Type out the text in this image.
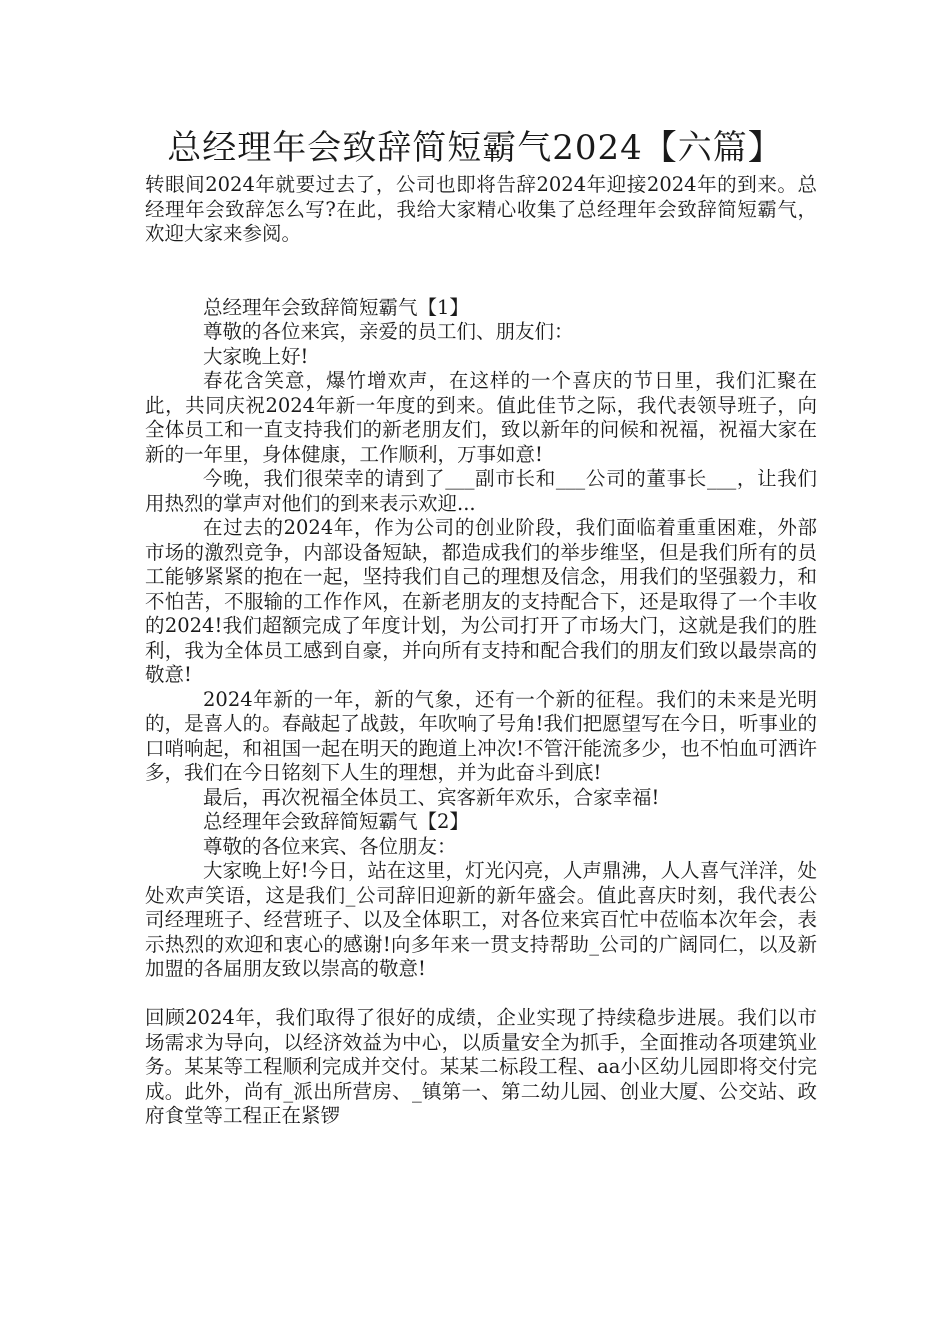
总经理年会致辞简短霸气2024【六篇】

转眼间2024年就要过去了，公司也即将告辞2024年迎接2024年的到来。总经理年会致辞怎么写?在此，我给大家精心收集了总经理年会致辞简短霸气，欢迎大家来参阅。

总经理年会致辞简短霸气【1】

尊敬的各位来宾，亲爱的员工们、朋友们：

大家晚上好!

春花含笑意，爆竹增欢声，在这样的一个喜庆的节日里，我们汇聚在此，共同庆祝2024年新一年度的到来。值此佳节之际，我代表领导班子，向全体员工和一直支持我们的新老朋友们，致以新年的问候和祝福，祝福大家在新的一年里，身体健康，工作顺利，万事如意!

今晚，我们很荣幸的请到了___副市长和___公司的董事长___，让我们用热烈的掌声对他们的到来表示欢迎...

在过去的2024年，作为公司的创业阶段，我们面临着重重困难，外部市场的激烈竞争，内部设备短缺，都造成我们的举步维坚，但是我们所有的员工能够紧紧的抱在一起，坚持我们自己的理想及信念，用我们的坚强毅力，和不怕苦，不服输的工作作风，在新老朋友的支持配合下，还是取得了一个丰收的2024!我们超额完成了年度计划，为公司打开了市场大门，这就是我们的胜利，我为全体员工感到自豪，并向所有支持和配合我们的朋友们致以最崇高的敬意!

2024年新的一年，新的气象，还有一个新的征程。我们的未来是光明的，是喜人的。春敲起了战鼓，年吹响了号角!我们把愿望写在今日，听事业的口哨响起，和祖国一起在明天的跑道上冲次!不管汗能流多少，也不怕血可洒许多，我们在今日铭刻下人生的理想，并为此奋斗到底!

最后，再次祝福全体员工、宾客新年欢乐，合家幸福!

总经理年会致辞简短霸气【2】

尊敬的各位来宾、各位朋友：

大家晚上好!今日，站在这里，灯光闪亮，人声鼎沸，人人喜气洋洋，处处欢声笑语，这是我们_公司辞旧迎新的新年盛会。值此喜庆时刻，我代表公司经理班子、经营班子、以及全体职工，对各位来宾百忙中莅临本次年会，表示热烈的欢迎和衷心的感谢!向多年来一贯支持帮助_公司的广阔同仁，以及新加盟的各届朋友致以崇高的敬意!

回顾2024年，我们取得了很好的成绩，企业实现了持续稳步进展。我们以市场需求为导向，以经济效益为中心，以质量安全为抓手，全面推动各项建筑业务。某某等工程顺利完成并交付。某某二标段工程、aa小区幼儿园即将交付完成。此外，尚有_派出所营房、_镇第一、第二幼儿园、创业大厦、公交站、政府食堂等工程正在紧锣
